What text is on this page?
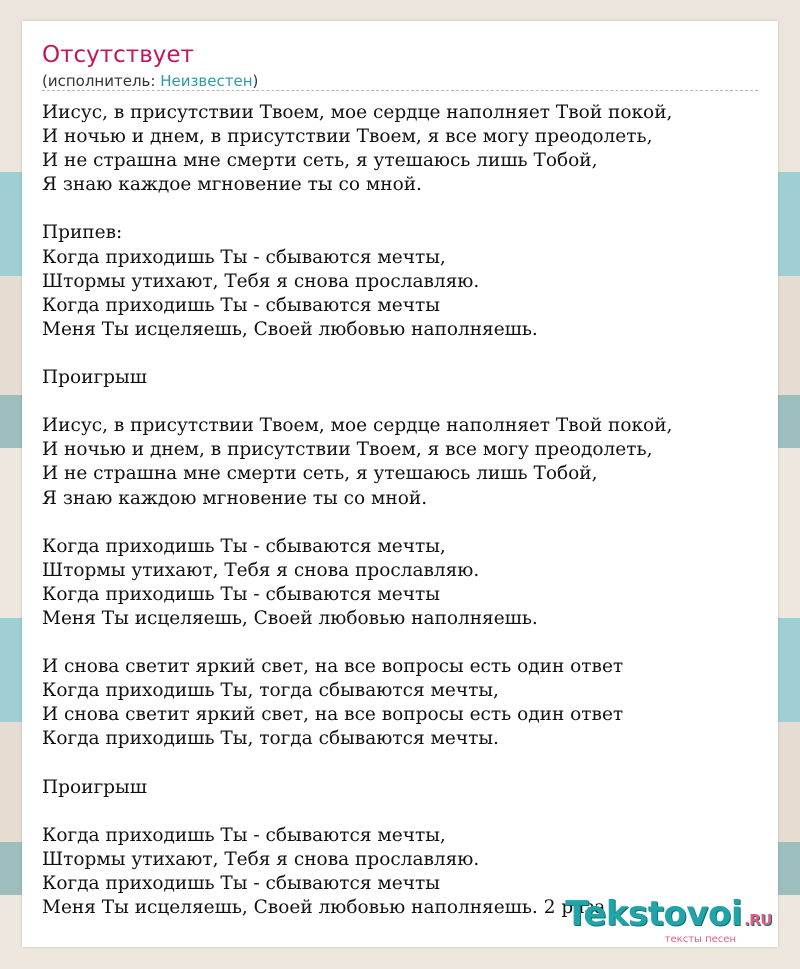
Отсутствует
(исполнитель: Неизвестен)
Иисус, в присутствии Твоем, мое сердце наполняет Твой покой,
И ночью и днем, в присутствии Твоем, я все могу преодолеть,
И не страшна мне смерти сеть, я утешаюсь лишь Тобой,
Я знаю каждое мгновение ты со мной.

Припев:
Когда приходишь Ты - сбываются мечты,
Штормы утихают, Тебя я снова прославляю.
Когда приходишь Ты - сбываются мечты
Меня Ты исцеляешь, Своей любовью наполняешь.

Проигрыш

Иисус, в присутствии Твоем, мое сердце наполняет Твой покой,
И ночью и днем, в присутствии Твоем, я все могу преодолеть,
И не страшна мне смерти сеть, я утешаюсь лишь Тобой,
Я знаю каждою мгновение ты со мной.

Когда приходишь Ты - сбываются мечты,
Штормы утихают, Тебя я снова прославляю.
Когда приходишь Ты - сбываются мечты
Меня Ты исцеляешь, Своей любовью наполняешь.

И снова светит яркий свет, на все вопросы есть один ответ
Когда приходишь Ты, тогда сбываются мечты,
И снова светит яркий свет, на все вопросы есть один ответ
Когда приходишь Ты, тогда сбываются мечты.

Проигрыш

Когда приходишь Ты - сбываются мечты,
Штормы утихают, Тебя я снова прославляю.
Когда приходишь Ты - сбываются мечты
Меня Ты исцеляешь, Своей любовью наполняешь. 2 раза
Tekstovoi .RU
тексты песен
